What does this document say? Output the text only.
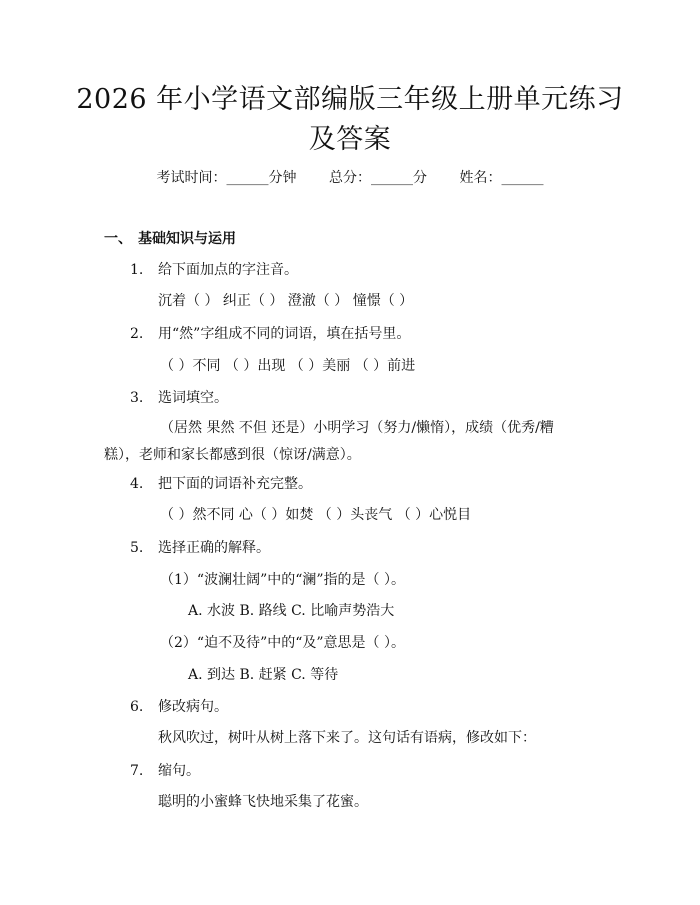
2026 年小学语文部编版三年级上册单元练习
及答案
考试时间：______分钟 总分：______分 姓名：______
一、 基础知识与运用
1. 给下面加点的字注音。
沉着（ ） 纠正（ ） 澄澈（ ） 憧憬（ ）
2. 用“然”字组成不同的词语，填在括号里。
（ ）不同 （ ）出现 （ ）美丽 （ ）前进
3. 选词填空。
（居然 果然 不但 还是）小明学习（努力/懒惰），成绩（优秀/糟糕），老师和家长都感到很（惊讶/满意）。
4. 把下面的词语补充完整。
（ ）然不同 心（ ）如焚 （ ）头丧气 （ ）心悦目
5. 选择正确的解释。
（1）“波澜壮阔”中的“澜”指的是（ ）。
A. 水波 B. 路线 C. 比喻声势浩大
（2）“迫不及待”中的“及”意思是（ ）。
A. 到达 B. 赶紧 C. 等待
6. 修改病句。
秋风吹过，树叶从树上落下来了。这句话有语病，修改如下：
7. 缩句。
聪明的小蜜蜂飞快地采集了花蜜。
